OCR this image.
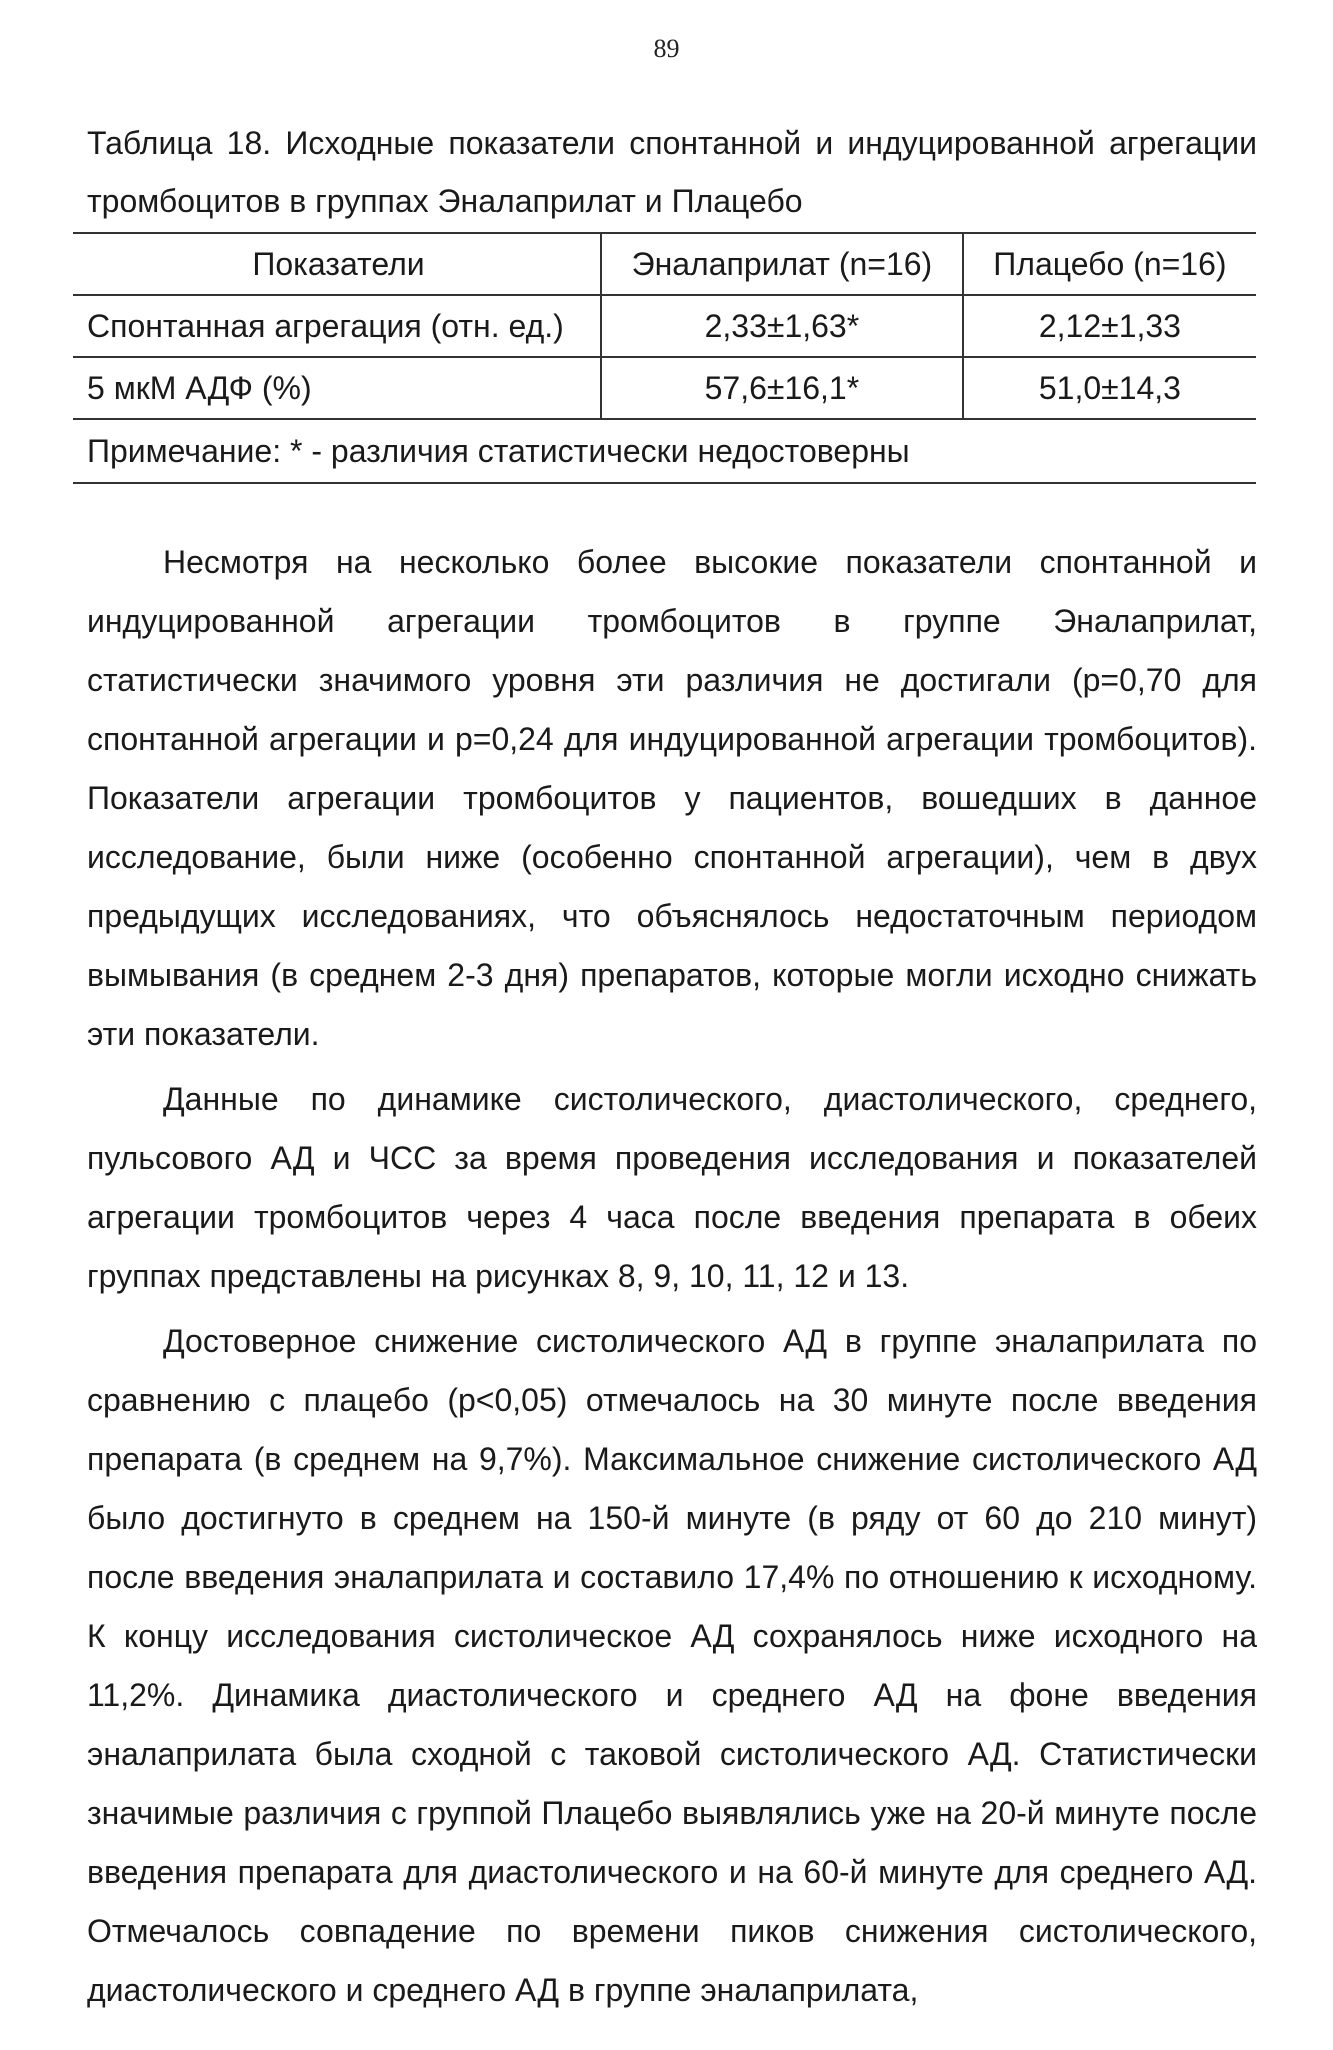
89
Таблица 18. Исходные показатели спонтанной и индуцированной агрегации тромбоцитов в группах Эналаприлат и Плацебо
Показатели	Эналаприлат (n=16)	Плацебо (n=16)
Спонтанная агрегация (отн. ед.)	2,33±1,63*	2,12±1,33
5 мкМ АДФ (%)	57,6±16,1*	51,0±14,3
Примечание: * - различия статистически недостоверны		

Несмотря на несколько более высокие показатели спонтанной и индуцированной агрегации тромбоцитов в группе Эналаприлат, статистически значимого уровня эти различия не достигали (p=0,70 для спонтанной агрегации и p=0,24 для индуцированной агрегации тромбоцитов). Показатели агрегации тромбоцитов у пациентов, вошедших в данное исследование, были ниже (особенно спонтанной агрегации), чем в двух предыдущих исследованиях, что объяснялось недостаточным периодом вымывания (в среднем 2-3 дня) препаратов, которые могли исходно снижать эти показатели.

Данные по динамике систолического, диастолического, среднего, пульсового АД и ЧСС за время проведения исследования и показателей агрегации тромбоцитов через 4 часа после введения препарата в обеих группах представлены на рисунках 8, 9, 10, 11, 12 и 13.

Достоверное снижение систолического АД в группе эналаприлата по сравнению с плацебо (p<0,05) отмечалось на 30 минуте после введения препарата (в среднем на 9,7%). Максимальное снижение систолического АД было достигнуто в среднем на 150-й минуте (в ряду от 60 до 210 минут) после введения эналаприлата и составило 17,4% по отношению к исходному. К концу исследования систолическое АД сохранялось ниже исходного на 11,2%. Динамика диастолического и среднего АД на фоне введения эналаприлата была сходной с таковой систолического АД. Статистически значимые различия с группой Плацебо выявлялись уже на 20-й минуте после введения препарата для диастолического и на 60-й минуте для среднего АД. Отмечалось совпадение по времени пиков снижения систолического, диастолического и среднего АД в группе эналаприлата,
